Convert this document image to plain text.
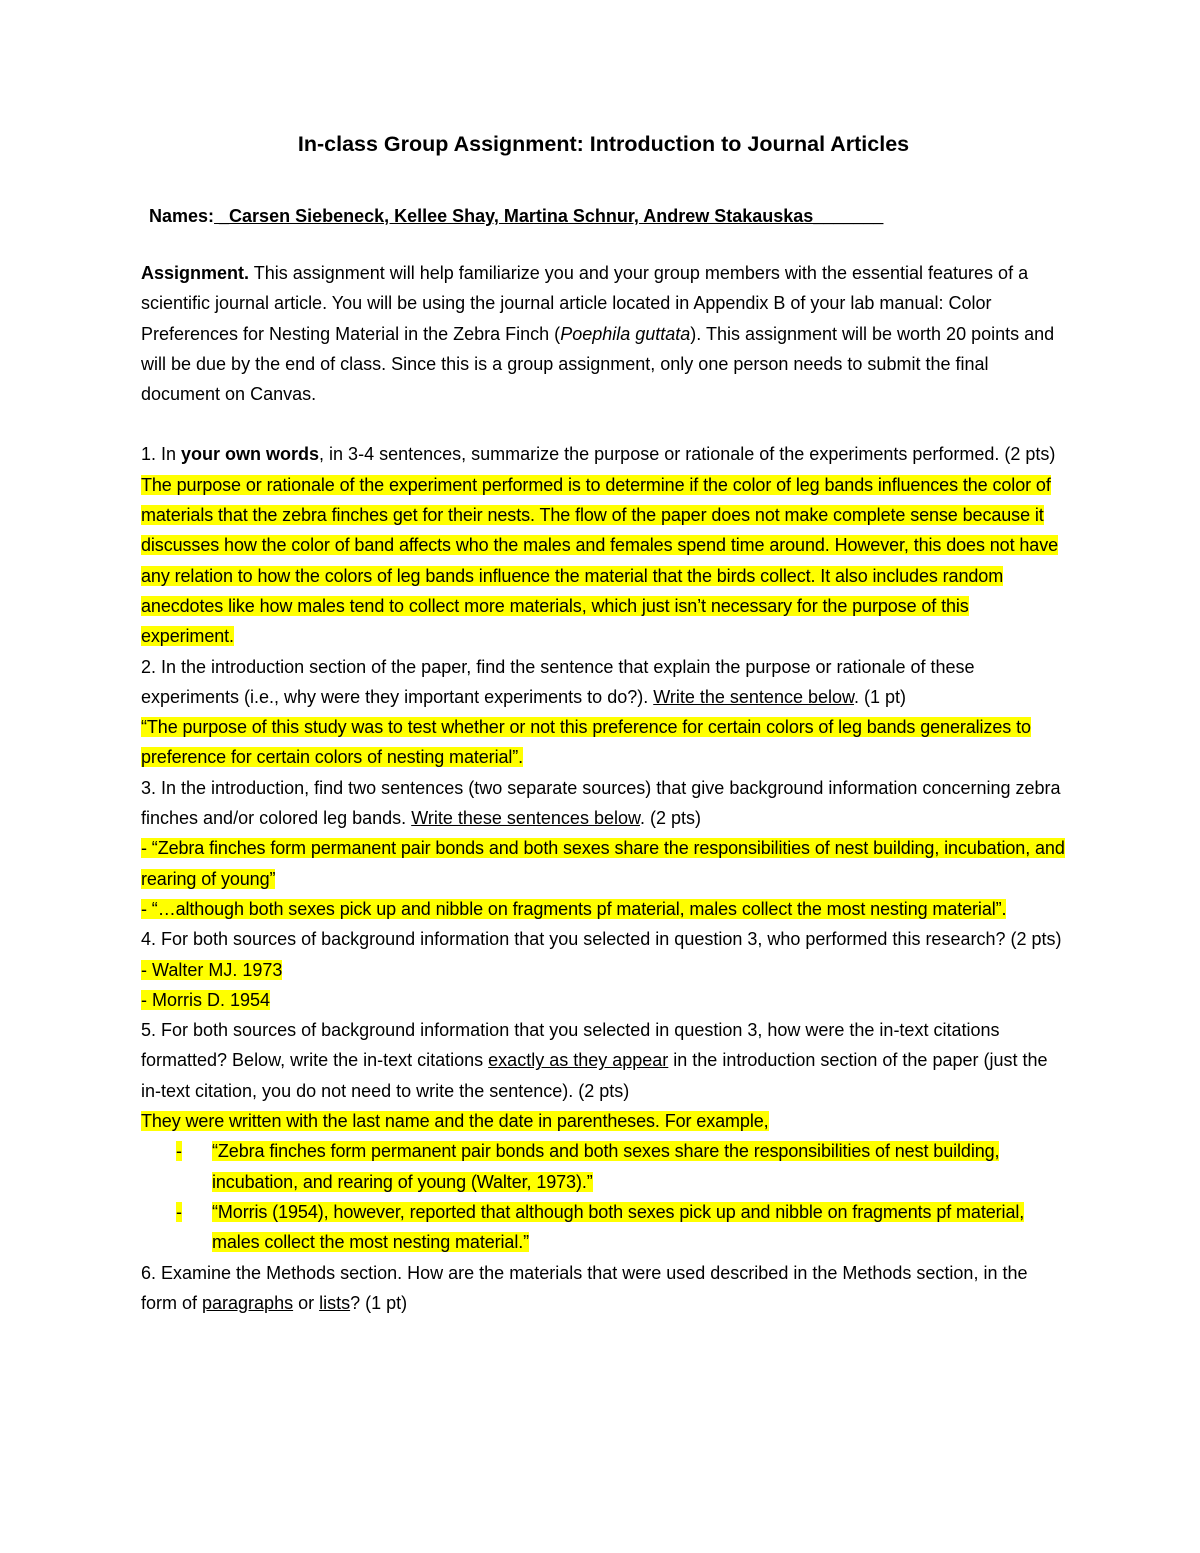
In-class Group Assignment: Introduction to Journal Articles
Names: _Carsen Siebeneck, Kellee Shay, Martina Schnur, Andrew Stakauskas_______

Assignment. This assignment will help familiarize you and your group members with the essential features of a scientific journal article. You will be using the journal article located in Appendix B of your lab manual: Color Preferences for Nesting Material in the Zebra Finch (Poephila guttata). This assignment will be worth 20 points and will be due by the end of class. Since this is a group assignment, only one person needs to submit the final document on Canvas.

1. In your own words, in 3-4 sentences, summarize the purpose or rationale of the experiments performed. (2 pts)

The purpose or rationale of the experiment performed is to determine if the color of leg bands influences the color of materials that the zebra finches get for their nests. The flow of the paper does not make complete sense because it discusses how the color of band affects who the males and females spend time around. However, this does not have any relation to how the colors of leg bands influence the material that the birds collect. It also includes random anecdotes like how males tend to collect more materials, which just isn’t necessary for the purpose of this experiment.

2. In the introduction section of the paper, find the sentence that explain the purpose or rationale of these experiments (i.e., why were they important experiments to do?). Write the sentence below. (1 pt)

“The purpose of this study was to test whether or not this preference for certain colors of leg bands generalizes to preference for certain colors of nesting material”.

3. In the introduction, find two sentences (two separate sources) that give background information concerning zebra finches and/or colored leg bands. Write these sentences below. (2 pts)

- “Zebra finches form permanent pair bonds and both sexes share the responsibilities of nest building, incubation, and rearing of young”

- “…although both sexes pick up and nibble on fragments pf material, males collect the most nesting material”.

4. For both sources of background information that you selected in question 3, who performed this research? (2 pts)

- Walter MJ. 1973

- Morris D. 1954

5. For both sources of background information that you selected in question 3, how were the in-text citations formatted? Below, write the in-text citations exactly as they appear in the introduction section of the paper (just the in-text citation, you do not need to write the sentence). (2 pts)

They were written with the last name and the date in parentheses. For example,

-	“Zebra finches form permanent pair bonds and both sexes share the responsibilities of nest building, incubation, and rearing of young (Walter, 1973).”
-	“Morris (1954), however, reported that although both sexes pick up and nibble on fragments pf material, males collect the most nesting material.”

6. Examine the Methods section. How are the materials that were used described in the Methods section, in the form of paragraphs or lists? (1 pt)
